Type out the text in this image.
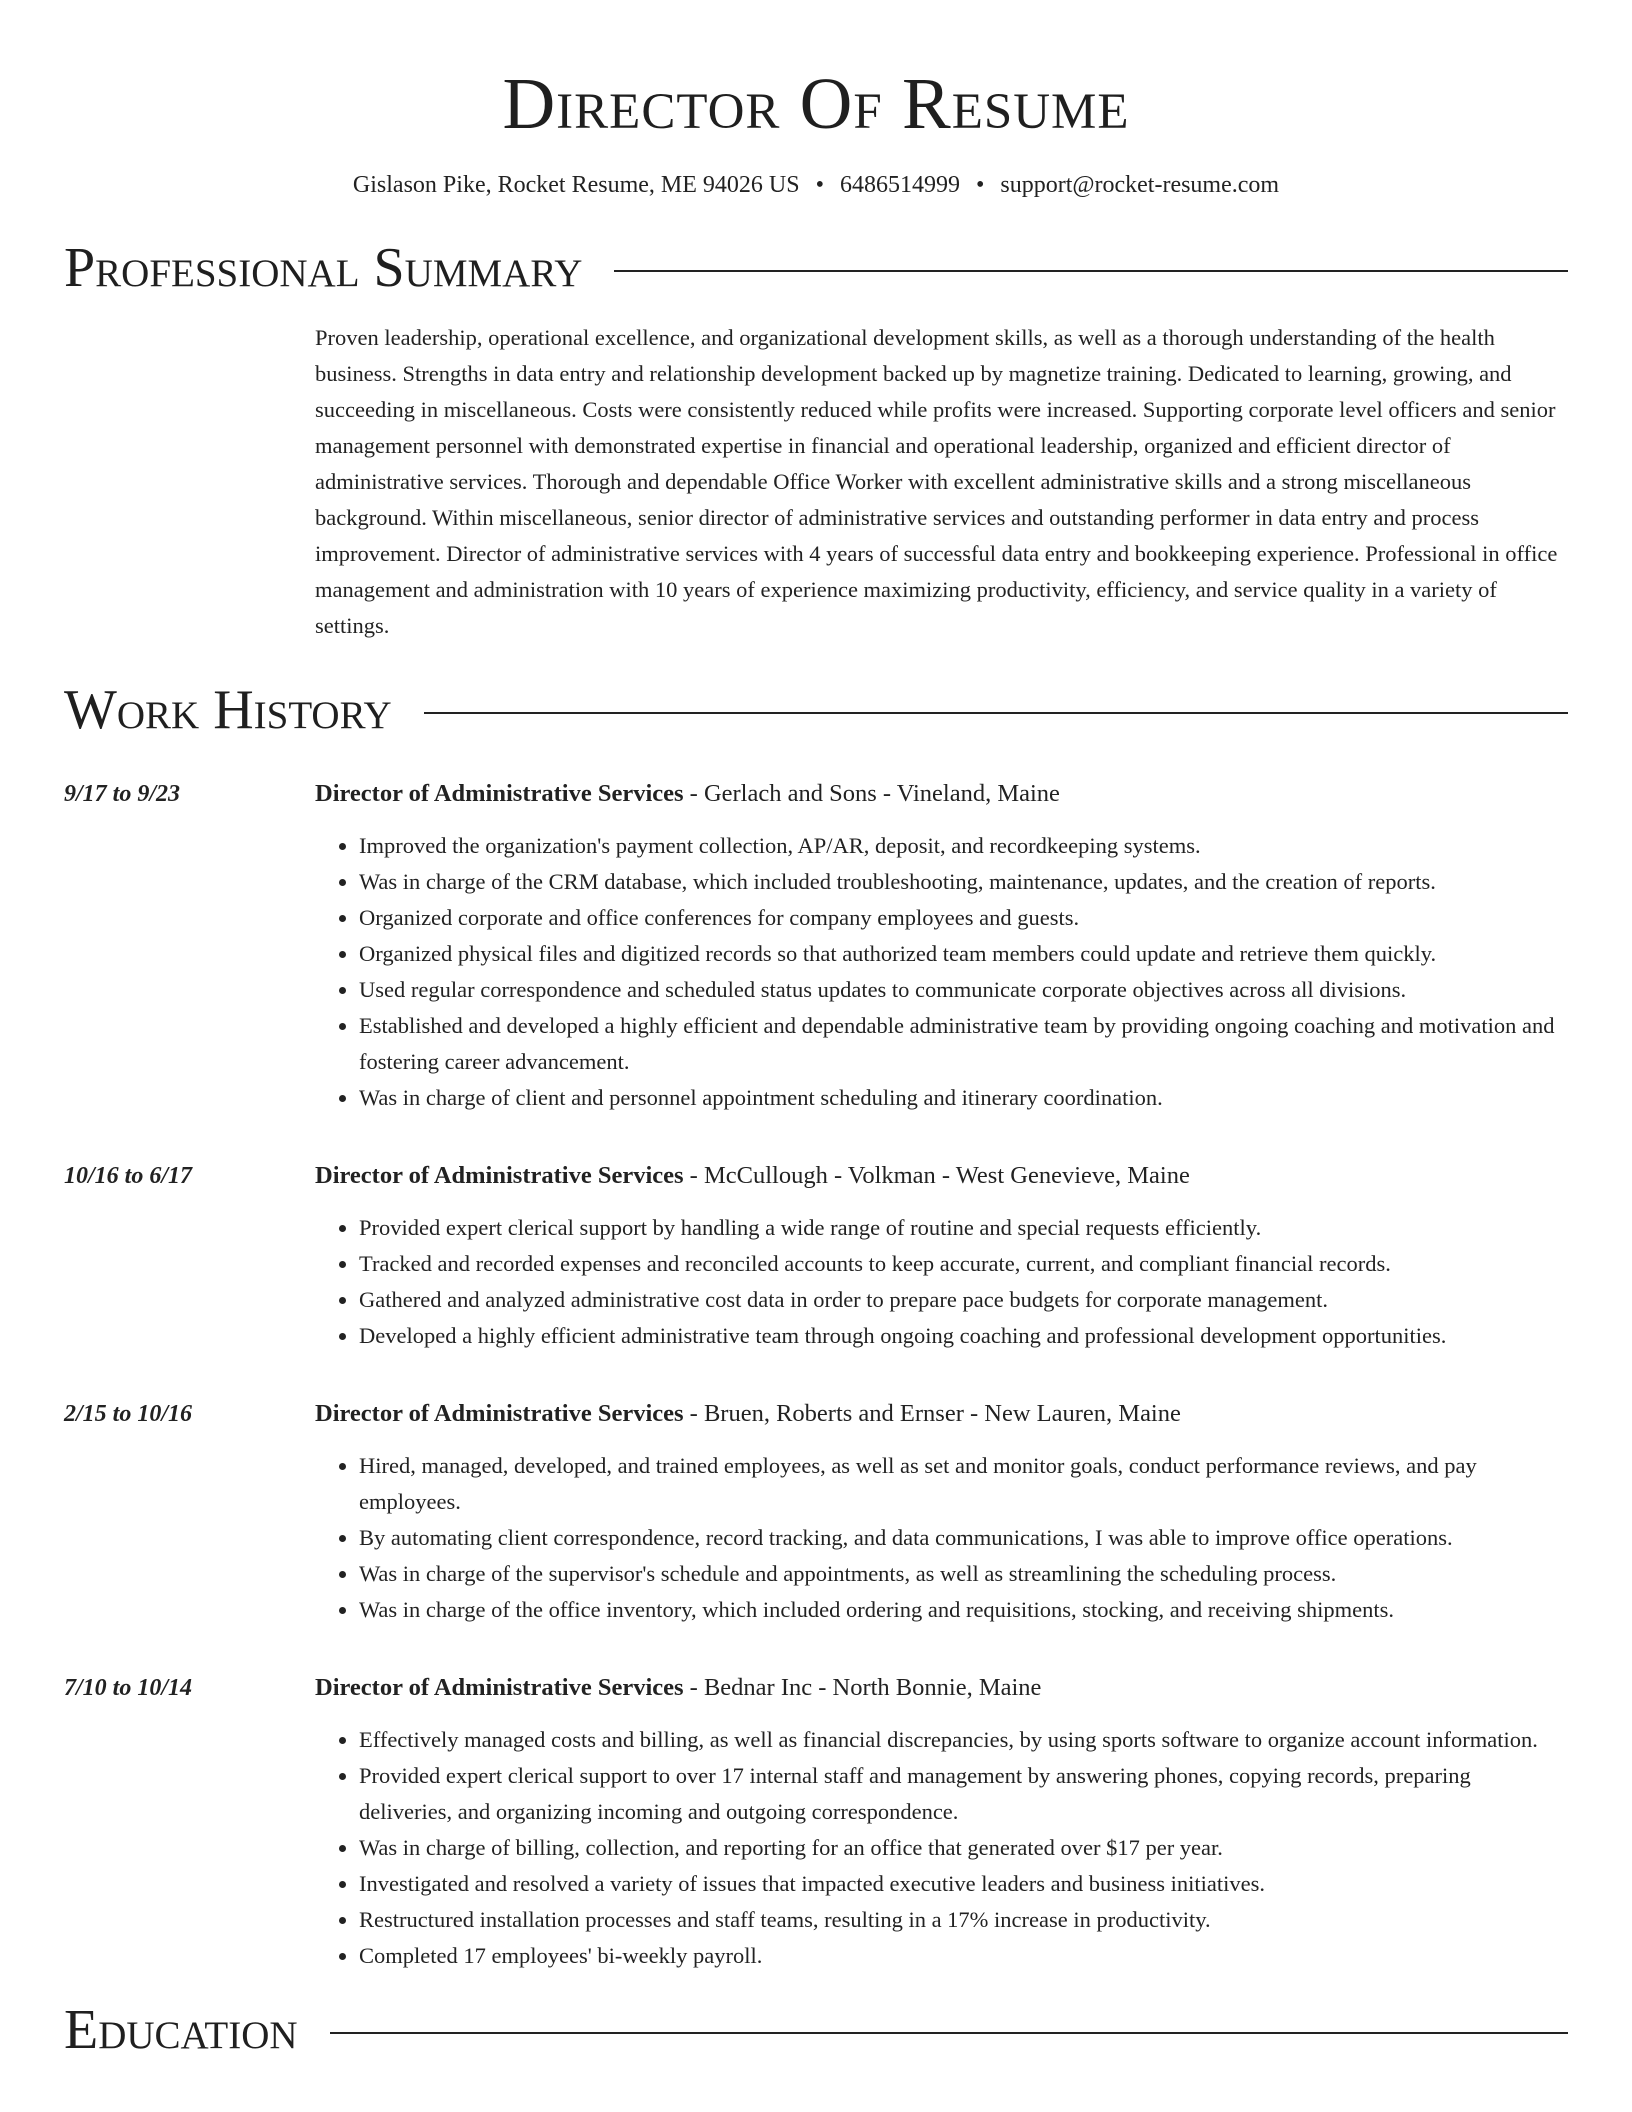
Director Of Resume
Gislason Pike, Rocket Resume, ME 94026 US • 6486514999 • support@rocket-resume.com
Professional Summary
Proven leadership, operational excellence, and organizational development skills, as well as a thorough understanding of the health business. Strengths in data entry and relationship development backed up by magnetize training. Dedicated to learning, growing, and succeeding in miscellaneous. Costs were consistently reduced while profits were increased. Supporting corporate level officers and senior management personnel with demonstrated expertise in financial and operational leadership, organized and efficient director of administrative services. Thorough and dependable Office Worker with excellent administrative skills and a strong miscellaneous background. Within miscellaneous, senior director of administrative services and outstanding performer in data entry and process improvement. Director of administrative services with 4 years of successful data entry and bookkeeping experience. Professional in office management and administration with 10 years of experience maximizing productivity, efficiency, and service quality in a variety of settings.
Work History
9/17 to 9/23	Director of Administrative Services - Gerlach and Sons - Vineland, Maine
• Improved the organization's payment collection, AP/AR, deposit, and recordkeeping systems.
• Was in charge of the CRM database, which included troubleshooting, maintenance, updates, and the creation of reports.
• Organized corporate and office conferences for company employees and guests.
• Organized physical files and digitized records so that authorized team members could update and retrieve them quickly.
• Used regular correspondence and scheduled status updates to communicate corporate objectives across all divisions.
• Established and developed a highly efficient and dependable administrative team by providing ongoing coaching and motivation and fostering career advancement.
• Was in charge of client and personnel appointment scheduling and itinerary coordination.
10/16 to 6/17	Director of Administrative Services - McCullough - Volkman - West Genevieve, Maine
• Provided expert clerical support by handling a wide range of routine and special requests efficiently.
• Tracked and recorded expenses and reconciled accounts to keep accurate, current, and compliant financial records.
• Gathered and analyzed administrative cost data in order to prepare pace budgets for corporate management.
• Developed a highly efficient administrative team through ongoing coaching and professional development opportunities.
2/15 to 10/16	Director of Administrative Services - Bruen, Roberts and Ernser - New Lauren, Maine
• Hired, managed, developed, and trained employees, as well as set and monitor goals, conduct performance reviews, and pay employees.
• By automating client correspondence, record tracking, and data communications, I was able to improve office operations.
• Was in charge of the supervisor's schedule and appointments, as well as streamlining the scheduling process.
• Was in charge of the office inventory, which included ordering and requisitions, stocking, and receiving shipments.
7/10 to 10/14	Director of Administrative Services - Bednar Inc - North Bonnie, Maine
• Effectively managed costs and billing, as well as financial discrepancies, by using sports software to organize account information.
• Provided expert clerical support to over 17 internal staff and management by answering phones, copying records, preparing deliveries, and organizing incoming and outgoing correspondence.
• Was in charge of billing, collection, and reporting for an office that generated over $17 per year.
• Investigated and resolved a variety of issues that impacted executive leaders and business initiatives.
• Restructured installation processes and staff teams, resulting in a 17% increase in productivity.
• Completed 17 employees' bi-weekly payroll.
Education
